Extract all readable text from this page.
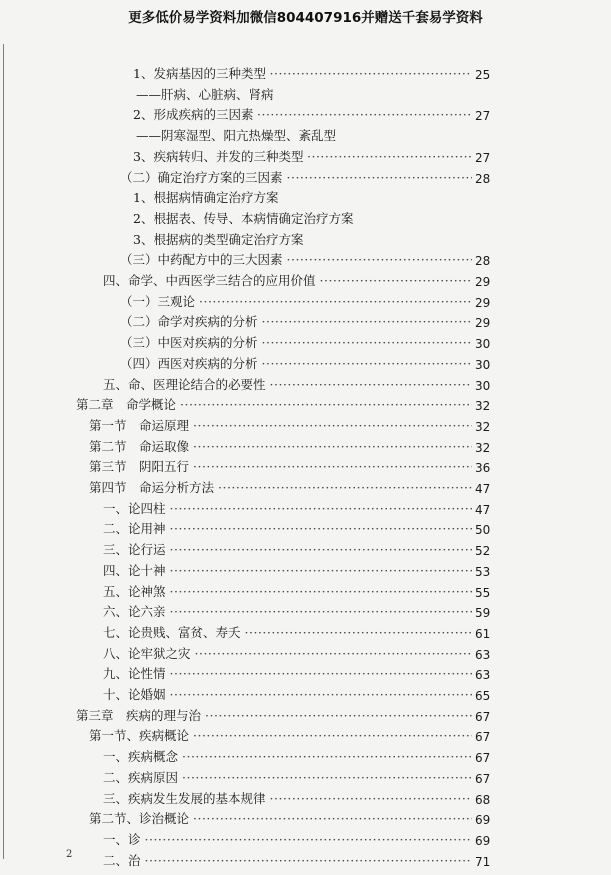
更多低价易学资料加微信804407916并赠送千套易学资料
1、发病基因的三种类型 ·····	25
——肝病、心脏病、肾病
2、形成疾病的三因素 ·····	27
——阴寒湿型、阳亢热燥型、紊乱型
3、疾病转归、并发的三种类型 ·····	27
（二）确定治疗方案的三因素 ·····	28
1、根据病情确定治疗方案
2、根据表、传导、本病情确定治疗方案
3、根据病的类型确定治疗方案
（三）中药配方中的三大因素 ·····	28
四、命学、中西医学三结合的应用价值 ·····	29
（一）三观论 ·····	29
（二）命学对疾病的分析 ·····	29
（三）中医对疾病的分析 ·····	30
（四）西医对疾病的分析 ·····	30
五、命、医理论结合的必要性 ·····	30
第二章　命学概论 ·····	32
第一节　命运原理 ·····	32
第二节　命运取像 ·····	32
第三节　阴阳五行 ·····	36
第四节　命运分析方法 ·····	47
一、论四柱 ·····	47
二、论用神 ·····	50
三、论行运 ·····	52
四、论十神 ·····	53
五、论神煞 ·····	55
六、论六亲 ·····	59
七、论贵贱、富贫、寿夭 ·····	61
八、论牢狱之灾 ·····	63
九、论性情 ·····	63
十、论婚姻 ·····	65
第三章　疾病的理与治 ·····	67
第一节、疾病概论 ·····	67
一、疾病概念 ·····	67
二、疾病原因 ·····	67
三、疾病发生发展的基本规律 ·····	68
第二节、诊治概论 ·····	69
一、诊 ·····	69
二、治 ·····	71
2
